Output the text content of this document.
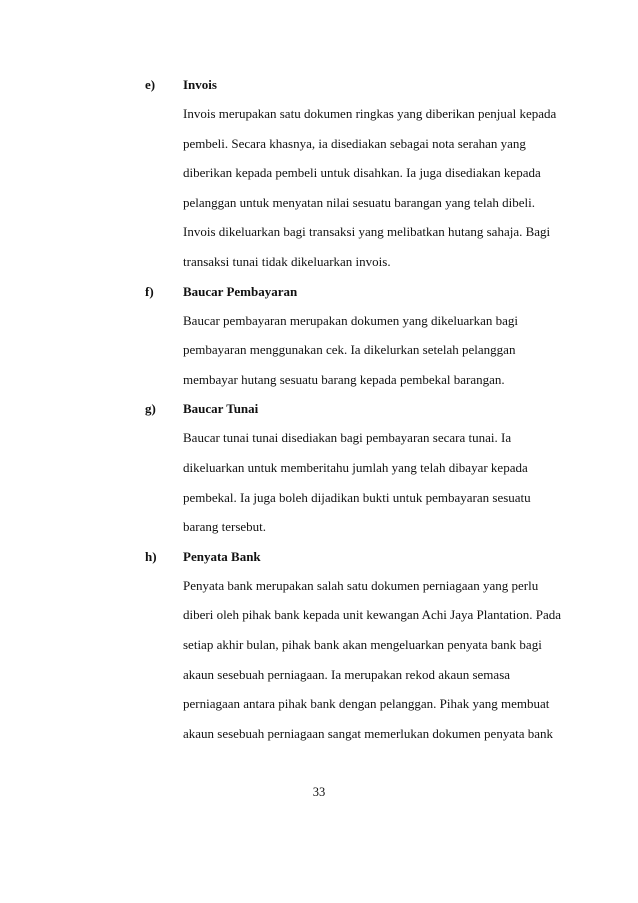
e) Invois
Invois merupakan satu dokumen ringkas yang diberikan penjual kepada
pembeli. Secara khasnya, ia disediakan sebagai nota serahan yang
diberikan kepada pembeli untuk disahkan. Ia juga disediakan kepada
pelanggan untuk menyatan nilai sesuatu barangan yang telah dibeli.
Invois dikeluarkan bagi transaksi yang melibatkan hutang sahaja. Bagi
transaksi tunai tidak dikeluarkan invois.
f) Baucar Pembayaran
Baucar pembayaran merupakan dokumen yang dikeluarkan bagi
pembayaran menggunakan cek. Ia dikelurkan setelah pelanggan
membayar hutang sesuatu barang kepada pembekal barangan.
g) Baucar Tunai
Baucar tunai tunai disediakan bagi pembayaran secara tunai. Ia
dikeluarkan untuk memberitahu jumlah yang telah dibayar kepada
pembekal. Ia juga boleh dijadikan bukti untuk pembayaran sesuatu
barang tersebut.
h) Penyata Bank
Penyata bank merupakan salah satu dokumen perniagaan yang perlu
diberi oleh pihak bank kepada unit kewangan Achi Jaya Plantation. Pada
setiap akhir bulan, pihak bank akan mengeluarkan penyata bank bagi
akaun sesebuah perniagaan. Ia merupakan rekod akaun semasa
perniagaan antara pihak bank dengan pelanggan. Pihak yang membuat
akaun sesebuah perniagaan sangat memerlukan dokumen penyata bank
33
